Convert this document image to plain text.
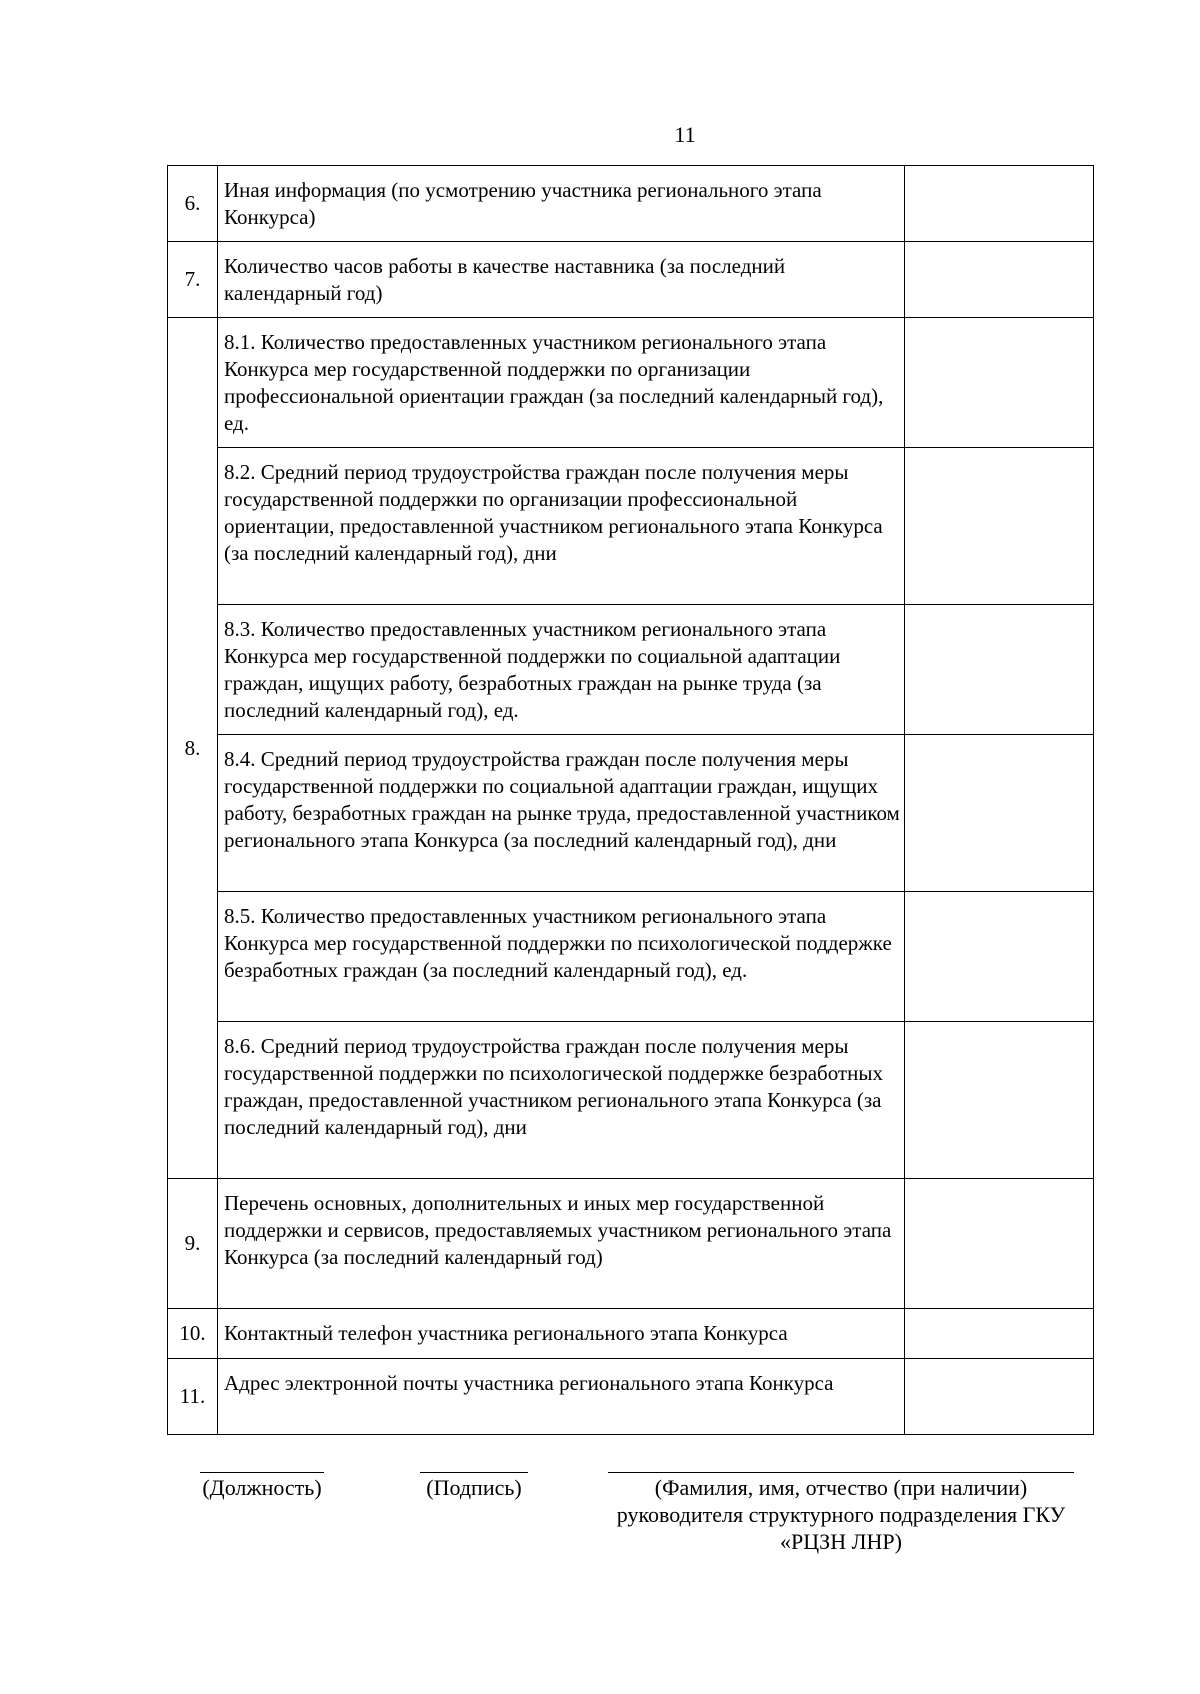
11
6.	Иная информация (по усмотрению участника регионального этапа Конкурса)	
7.	Количество часов работы в качестве наставника (за последний календарный год)	
8.	8.1. Количество предоставленных участником регионального этапа Конкурса мер государственной поддержки по организации профессиональной ориентации граждан (за последний календарный год), ед.	
	8.2. Средний период трудоустройства граждан после получения меры государственной поддержки по организации профессиональной ориентации, предоставленной участником регионального этапа Конкурса (за последний календарный год), дни	
	8.3. Количество предоставленных участником регионального этапа Конкурса мер государственной поддержки по социальной адаптации граждан, ищущих работу, безработных граждан на рынке труда (за последний календарный год), ед.	
	8.4. Средний период трудоустройства граждан после получения меры государственной поддержки по социальной адаптации граждан, ищущих работу, безработных граждан на рынке труда, предоставленной участником регионального этапа Конкурса (за последний календарный год), дни	
	8.5. Количество предоставленных участником регионального этапа Конкурса мер государственной поддержки по психологической поддержке безработных граждан (за последний календарный год), ед.	
	8.6. Средний период трудоустройства граждан после получения меры государственной поддержки по психологической поддержке безработных граждан, предоставленной участником регионального этапа Конкурса (за последний календарный год), дни	
9.	Перечень основных, дополнительных и иных мер государственной поддержки и сервисов, предоставляемых участником регионального этапа Конкурса (за последний календарный год)	
10.	Контактный телефон участника регионального этапа Конкурса	
11.	Адрес электронной почты участника регионального этапа Конкурса	
(Должность)	(Подпись)	(Фамилия, имя, отчество (при наличии) руководителя структурного подразделения ГКУ «РЦЗН ЛНР)
